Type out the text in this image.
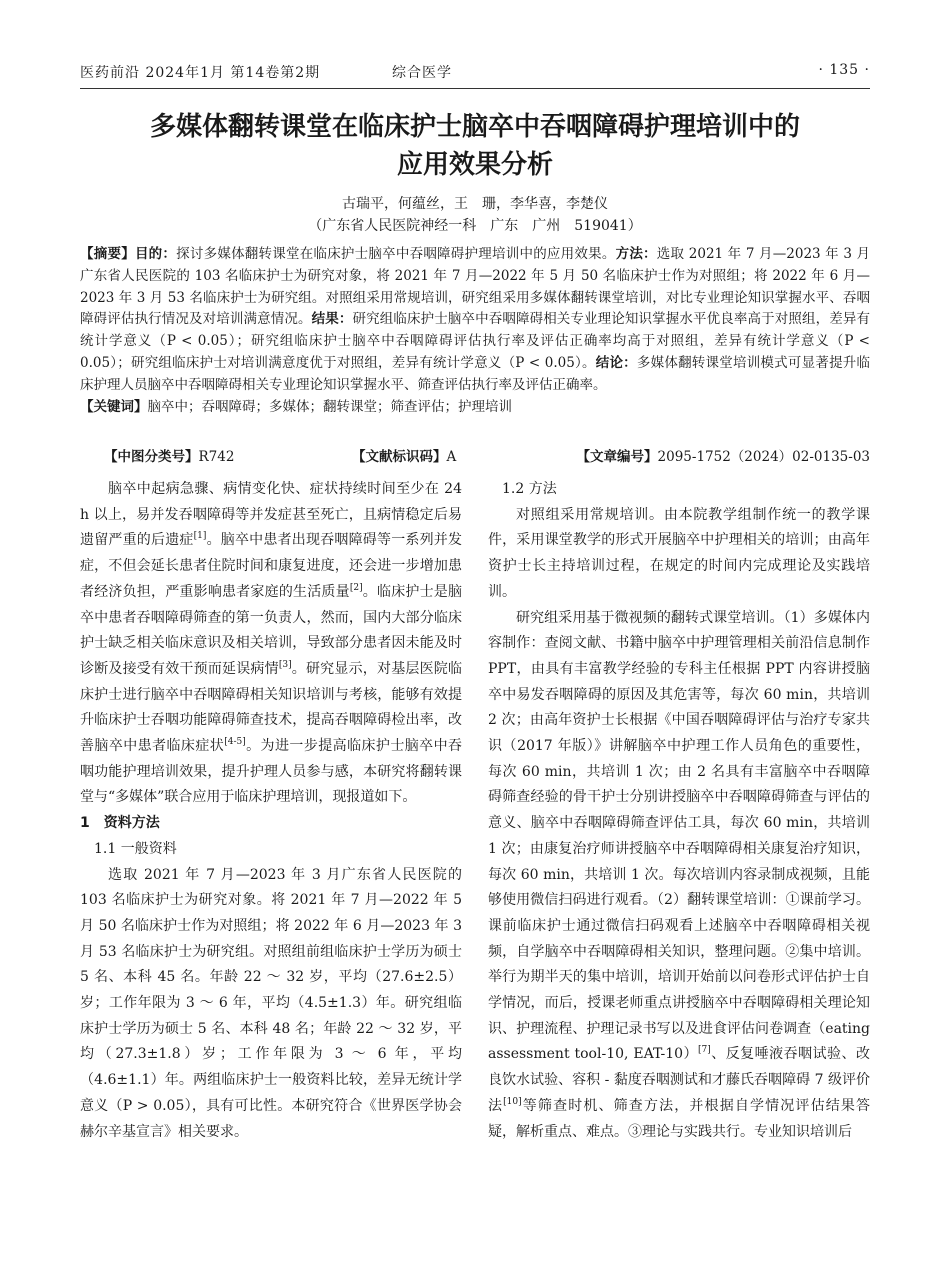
医药前沿 2024年1月 第14卷第2期	综合医学	· 135 ·
多媒体翻转课堂在临床护士脑卒中吞咽障碍护理培训中的
应用效果分析
古瑞平，何蕴丝，王　珊，李华喜，李楚仪
（广东省人民医院神经一科　广东　广州　519041）

【摘要】目的：探讨多媒体翻转课堂在临床护士脑卒中吞咽障碍护理培训中的应用效果。方法：选取 2021 年 7 月—2023 年 3 月广东省人民医院的 103 名临床护士为研究对象，将 2021 年 7 月—2022 年 5 月 50 名临床护士作为对照组；将 2022 年 6 月—2023 年 3 月 53 名临床护士为研究组。对照组采用常规培训，研究组采用多媒体翻转课堂培训，对比专业理论知识掌握水平、吞咽障碍评估执行情况及对培训满意情况。结果：研究组临床护士脑卒中吞咽障碍相关专业理论知识掌握水平优良率高于对照组，差异有统计学意义（P < 0.05）；研究组临床护士脑卒中吞咽障碍评估执行率及评估正确率均高于对照组，差异有统计学意义（P < 0.05）；研究组临床护士对培训满意度优于对照组，差异有统计学意义（P < 0.05）。结论：多媒体翻转课堂培训模式可显著提升临床护理人员脑卒中吞咽障碍相关专业理论知识掌握水平、筛查评估执行率及评估正确率。

【关键词】脑卒中；吞咽障碍；多媒体；翻转课堂；筛查评估；护理培训

【中图分类号】R742	【文献标识码】A	【文章编号】2095-1752（2024）02-0135-03

脑卒中起病急骤、病情变化快、症状持续时间至少在 24 h 以上，易并发吞咽障碍等并发症甚至死亡，且病情稳定后易遗留严重的后遗症[1]。脑卒中患者出现吞咽障碍等一系列并发症，不但会延长患者住院时间和康复进度，还会进一步增加患者经济负担，严重影响患者家庭的生活质量[2]。临床护士是脑卒中患者吞咽障碍筛查的第一负责人，然而，国内大部分临床护士缺乏相关临床意识及相关培训，导致部分患者因未能及时诊断及接受有效干预而延误病情[3]。研究显示，对基层医院临床护士进行脑卒中吞咽障碍相关知识培训与考核，能够有效提升临床护士吞咽功能障碍筛查技术，提高吞咽障碍检出率，改善脑卒中患者临床症状[4-5]。为进一步提高临床护士脑卒中吞咽功能护理培训效果，提升护理人员参与感，本研究将翻转课堂与“多媒体”联合应用于临床护理培训，现报道如下。

1　资料方法

1.1 一般资料

选取 2021 年 7 月—2023 年 3 月广东省人民医院的 103 名临床护士为研究对象。将 2021 年 7 月—2022 年 5 月 50 名临床护士作为对照组；将 2022 年 6 月—2023 年 3 月 53 名临床护士为研究组。对照组前组临床护士学历为硕士 5 名、本科 45 名。年龄 22 ～ 32 岁，平均（27.6±2.5）岁；工作年限为 3 ～ 6 年，平均（4.5±1.3）年。研究组临床护士学历为硕士 5 名、本科 48 名；年龄 22 ～ 32 岁，平均（27.3±1.8）岁；工作年限为 3 ～ 6 年，平均（4.6±1.1）年。两组临床护士一般资料比较，差异无统计学意义（P > 0.05），具有可比性。本研究符合《世界医学协会赫尔辛基宣言》相关要求。

1.2 方法

对照组采用常规培训。由本院教学组制作统一的教学课件，采用课堂教学的形式开展脑卒中护理相关的培训；由高年资护士长主持培训过程，在规定的时间内完成理论及实践培训。

研究组采用基于微视频的翻转式课堂培训。（1）多媒体内容制作：查阅文献、书籍中脑卒中护理管理相关前沿信息制作 PPT，由具有丰富教学经验的专科主任根据 PPT 内容讲授脑卒中易发吞咽障碍的原因及其危害等，每次 60 min，共培训 2 次；由高年资护士长根据《中国吞咽障碍评估与治疗专家共识（2017 年版）》讲解脑卒中护理工作人员角色的重要性，每次 60 min，共培训 1 次；由 2 名具有丰富脑卒中吞咽障碍筛查经验的骨干护士分别讲授脑卒中吞咽障碍筛查与评估的意义、脑卒中吞咽障碍筛查评估工具，每次 60 min，共培训 1 次；由康复治疗师讲授脑卒中吞咽障碍相关康复治疗知识，每次 60 min，共培训 1 次。每次培训内容录制成视频，且能够使用微信扫码进行观看。（2）翻转课堂培训：①课前学习。课前临床护士通过微信扫码观看上述脑卒中吞咽障碍相关视频，自学脑卒中吞咽障碍相关知识，整理问题。②集中培训。举行为期半天的集中培训，培训开始前以问卷形式评估护士自学情况，而后，授课老师重点讲授脑卒中吞咽障碍相关理论知识、护理流程、护理记录书写以及进食评估问卷调查（eating assessment tool-10, EAT-10）[7]、反复唾液吞咽试验、改良饮水试验、容积 - 黏度吞咽测试和才藤氏吞咽障碍 7 级评价法[10]等筛查时机、筛查方法，并根据自学情况评估结果答疑，解析重点、难点。③理论与实践共行。专业知识培训后
